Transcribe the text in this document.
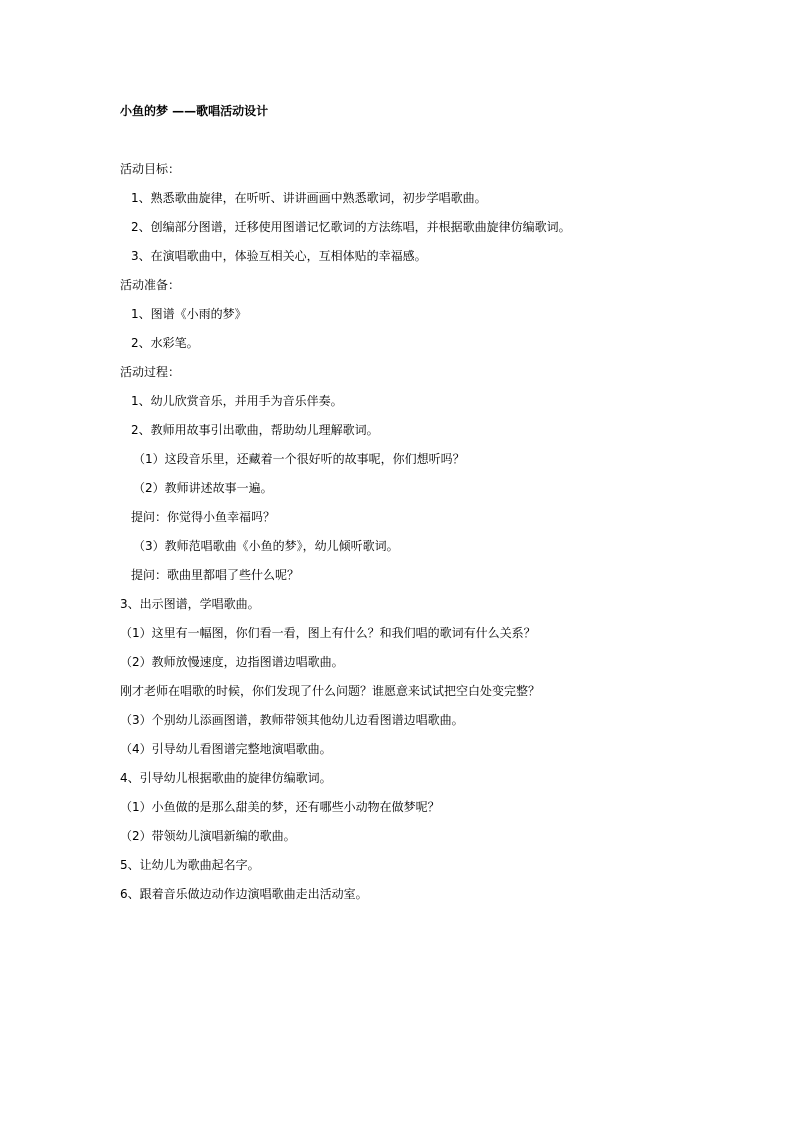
小鱼的梦 ——歌唱活动设计
活动目标：
1、熟悉歌曲旋律，在听听、讲讲画画中熟悉歌词，初步学唱歌曲。
2、创编部分图谱，迁移使用图谱记忆歌词的方法练唱，并根据歌曲旋律仿编歌词。
3、在演唱歌曲中，体验互相关心，互相体贴的幸福感。
活动准备：
1、图谱《小雨的梦》
2、水彩笔。
活动过程：
1、幼儿欣赏音乐，并用手为音乐伴奏。
2、教师用故事引出歌曲，帮助幼儿理解歌词。
（1）这段音乐里，还藏着一个很好听的故事呢，你们想听吗？
（2）教师讲述故事一遍。
提问：你觉得小鱼幸福吗？
（3）教师范唱歌曲《小鱼的梦》，幼儿倾听歌词。
提问：歌曲里都唱了些什么呢？
3、出示图谱，学唱歌曲。
（1）这里有一幅图，你们看一看，图上有什么？和我们唱的歌词有什么关系？
（2）教师放慢速度，边指图谱边唱歌曲。
刚才老师在唱歌的时候，你们发现了什么问题？谁愿意来试试把空白处变完整？
（3）个别幼儿添画图谱，教师带领其他幼儿边看图谱边唱歌曲。
（4）引导幼儿看图谱完整地演唱歌曲。
4、引导幼儿根据歌曲的旋律仿编歌词。
（1）小鱼做的是那么甜美的梦，还有哪些小动物在做梦呢？
（2）带领幼儿演唱新编的歌曲。
5、让幼儿为歌曲起名字。
6、跟着音乐做边动作边演唱歌曲走出活动室。
